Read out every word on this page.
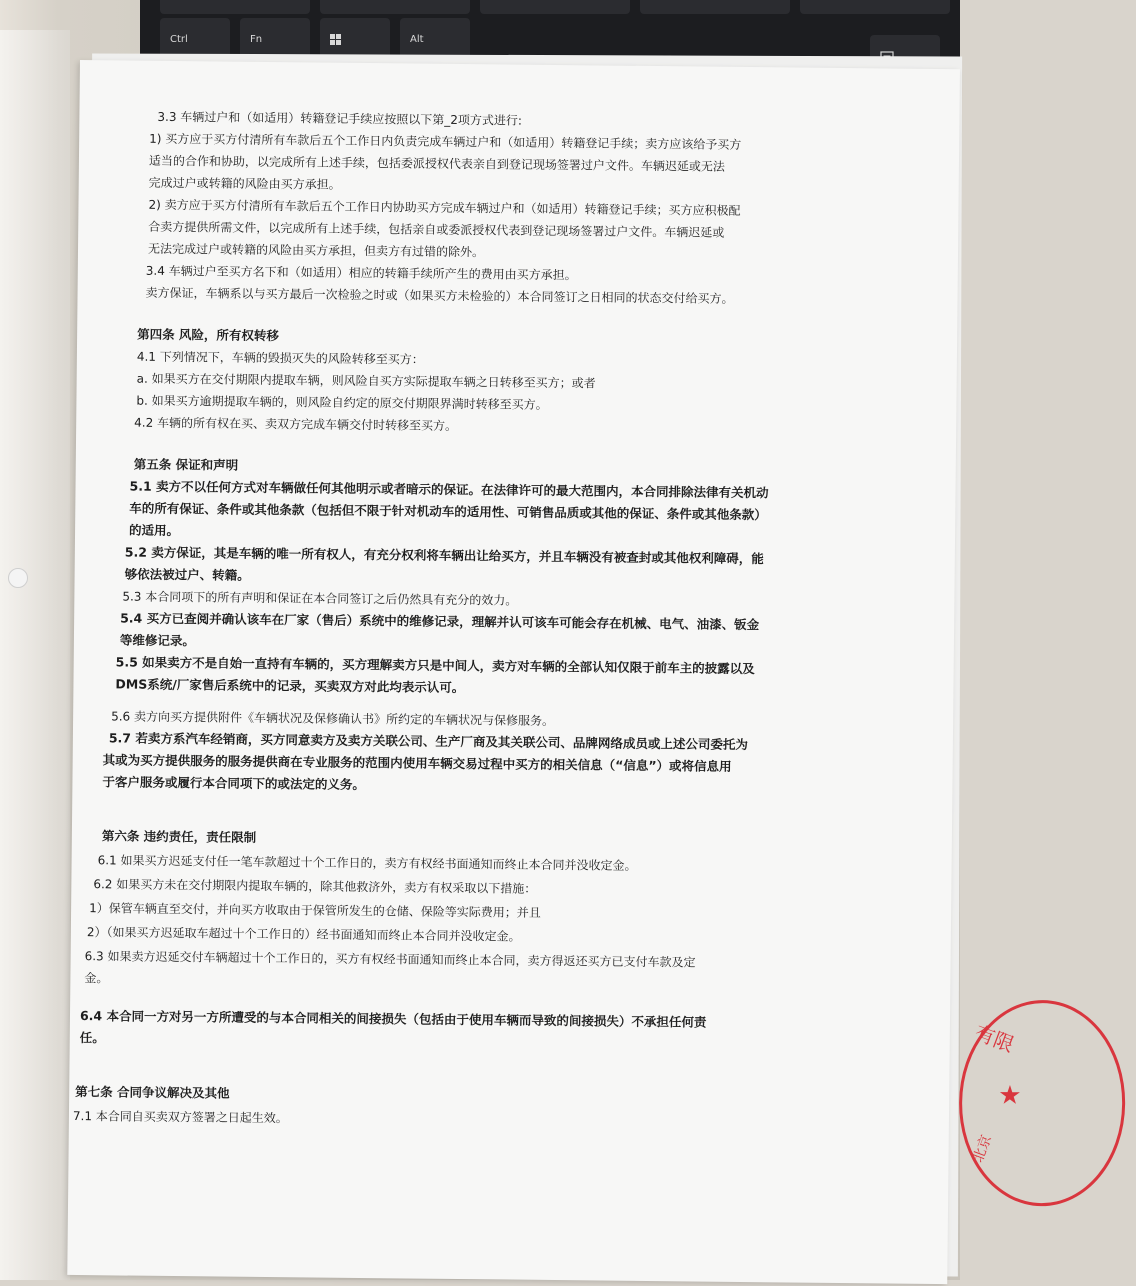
Ctrl	Fn	Alt
3.3 车辆过户和（如适用）转籍登记手续应按照以下第_2项方式进行:
1) 买方应于买方付清所有车款后五个工作日内负责完成车辆过户和（如适用）转籍登记手续；卖方应该给予买方
适当的合作和协助，以完成所有上述手续，包括委派授权代表亲自到登记现场签署过户文件。车辆迟延或无法
完成过户或转籍的风险由买方承担。
2) 卖方应于买方付清所有车款后五个工作日内协助买方完成车辆过户和（如适用）转籍登记手续；买方应积极配
合卖方提供所需文件，以完成所有上述手续，包括亲自或委派授权代表到登记现场签署过户文件。车辆迟延或
无法完成过户或转籍的风险由买方承担，但卖方有过错的除外。
3.4 车辆过户至买方名下和（如适用）相应的转籍手续所产生的费用由买方承担。
卖方保证，车辆系以与买方最后一次检验之时或（如果买方未检验的）本合同签订之日相同的状态交付给买方。
第四条 风险，所有权转移
4.1 下列情况下，车辆的毁损灭失的风险转移至买方：
a. 如果买方在交付期限内提取车辆，则风险自买方实际提取车辆之日转移至买方；或者
b. 如果买方逾期提取车辆的，则风险自约定的原交付期限界满时转移至买方。
4.2 车辆的所有权在买、卖双方完成车辆交付时转移至买方。
第五条 保证和声明
5.1 卖方不以任何方式对车辆做任何其他明示或者暗示的保证。在法律许可的最大范围内，本合同排除法律有关机动
车的所有保证、条件或其他条款（包括但不限于针对机动车的适用性、可销售品质或其他的保证、条件或其他条款）
的适用。
5.2 卖方保证，其是车辆的唯一所有权人，有充分权利将车辆出让给买方，并且车辆没有被查封或其他权利障碍，能
够依法被过户、转籍。
5.3 本合同项下的所有声明和保证在本合同签订之后仍然具有充分的效力。
5.4 买方已查阅并确认该车在厂家（售后）系统中的维修记录，理解并认可该车可能会存在机械、电气、油漆、钣金
等维修记录。
5.5 如果卖方不是自始一直持有车辆的，买方理解卖方只是中间人，卖方对车辆的全部认知仅限于前车主的披露以及
DMS系统/厂家售后系统中的记录，买卖双方对此均表示认可。
5.6 卖方向买方提供附件《车辆状况及保修确认书》所约定的车辆状况与保修服务。
5.7 若卖方系汽车经销商，买方同意卖方及卖方关联公司、生产厂商及其关联公司、品牌网络成员或上述公司委托为
其或为买方提供服务的服务提供商在专业服务的范围内使用车辆交易过程中买方的相关信息（“信息”）或将信息用
于客户服务或履行本合同项下的或法定的义务。
第六条 违约责任，责任限制
6.1 如果买方迟延支付任一笔车款超过十个工作日的，卖方有权经书面通知而终止本合同并没收定金。
6.2 如果买方未在交付期限内提取车辆的，除其他救济外，卖方有权采取以下措施：
1）保管车辆直至交付，并向买方收取由于保管所发生的仓储、保险等实际费用；并且
2）（如果买方迟延取车超过十个工作日的）经书面通知而终止本合同并没收定金。
6.3 如果卖方迟延交付车辆超过十个工作日的，买方有权经书面通知而终止本合同，卖方得返还买方已支付车款及定
金。
6.4 本合同一方对另一方所遭受的与本合同相关的间接损失（包括由于使用车辆而导致的间接损失）不承担任何责
任。
第七条 合同争议解决及其他
7.1 本合同自买卖双方签署之日起生效。
有限
★
北京
